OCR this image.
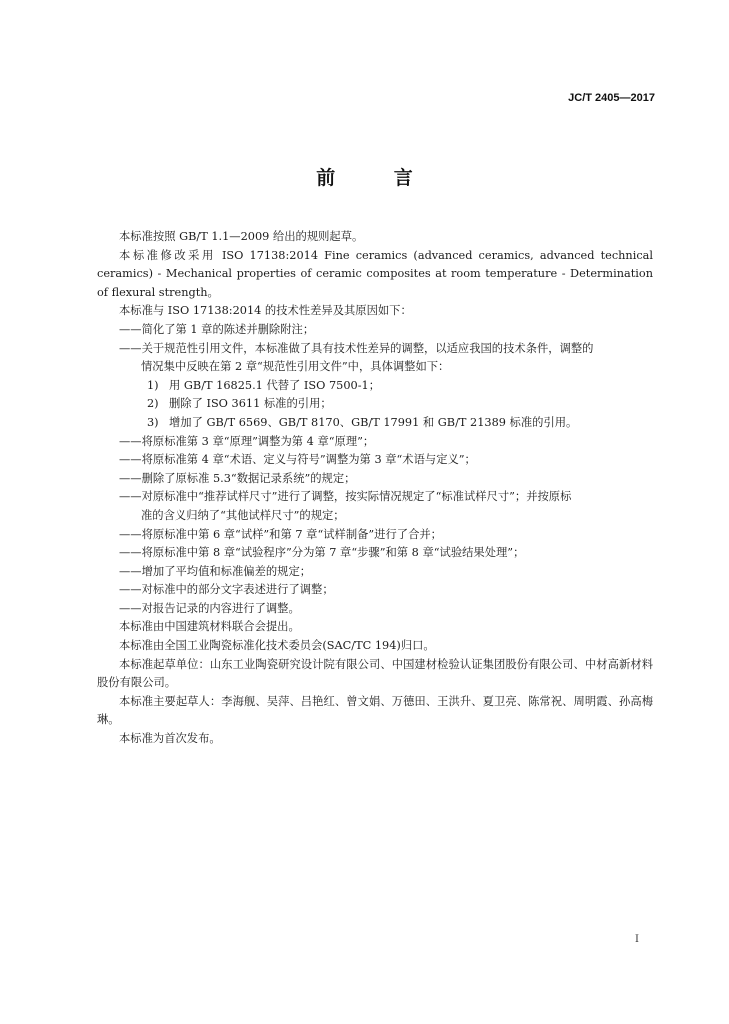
JC/T 2405—2017
前 言

本标准按照 GB/T 1.1—2009 给出的规则起草。

本标准修改采用 ISO 17138:2014 Fine ceramics (advanced ceramics, advanced technical ceramics) - Mechanical properties of ceramic composites at room temperature - Determination of flexural strength。

本标准与 ISO 17138:2014 的技术性差异及其原因如下：

——简化了第 1 章的陈述并删除附注；

——关于规范性引用文件，本标准做了具有技术性差异的调整，以适应我国的技术条件，调整的
情况集中反映在第 2 章“规范性引用文件”中，具体调整如下：

1) 用 GB/T 16825.1 代替了 ISO 7500-1；

2) 删除了 ISO 3611 标准的引用；

3) 增加了 GB/T 6569、GB/T 8170、GB/T 17991 和 GB/T 21389 标准的引用。

——将原标准第 3 章“原理”调整为第 4 章“原理”；

——将原标准第 4 章“术语、定义与符号”调整为第 3 章“术语与定义”；

——删除了原标准 5.3“数据记录系统”的规定；

——对原标准中“推荐试样尺寸”进行了调整，按实际情况规定了“标准试样尺寸”；并按原标
准的含义归纳了“其他试样尺寸”的规定；

——将原标准中第 6 章“试样”和第 7 章“试样制备”进行了合并；

——将原标准中第 8 章“试验程序”分为第 7 章“步骤”和第 8 章“试验结果处理”；

——增加了平均值和标准偏差的规定；

——对标准中的部分文字表述进行了调整；

——对报告记录的内容进行了调整。

本标准由中国建筑材料联合会提出。

本标准由全国工业陶瓷标准化技术委员会(SAC/TC 194)归口。

本标准起草单位：山东工业陶瓷研究设计院有限公司、中国建材检验认证集团股份有限公司、中材高新材料股份有限公司。

本标准主要起草人：李海舰、吴萍、吕艳红、曾文娟、万德田、王洪升、夏卫亮、陈常祝、周明霞、孙高梅琳。

本标准为首次发布。

I
